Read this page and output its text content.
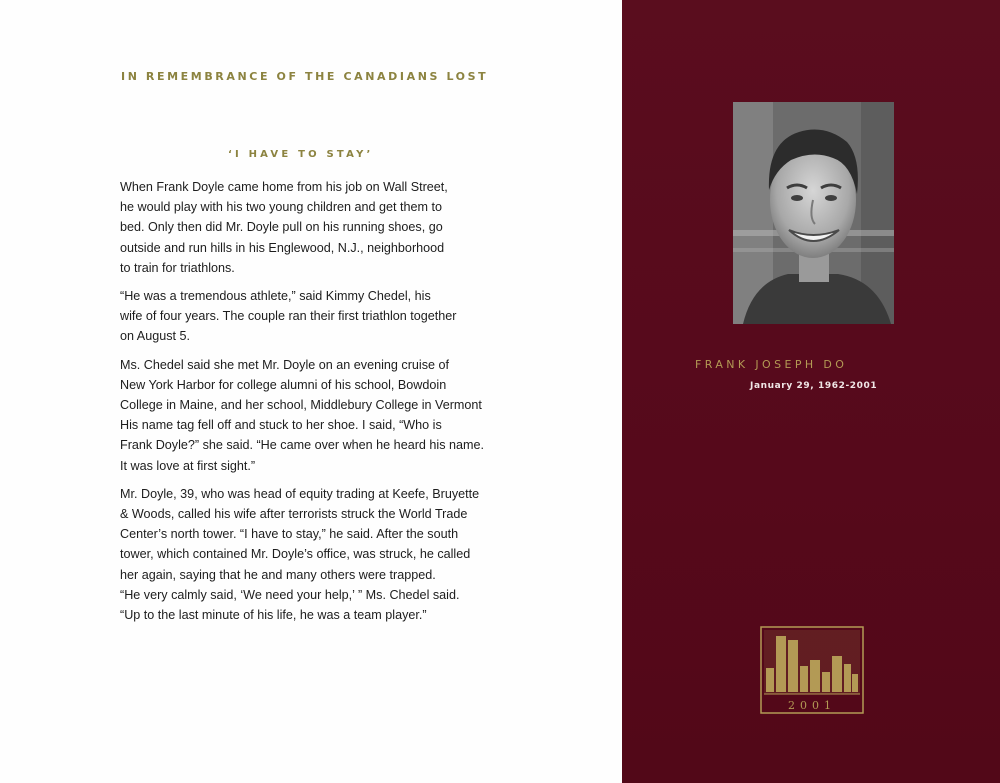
IN REMEMBRANCE OF THE CANADIANS LOST
‘I HAVE TO STAY’

When Frank Doyle came home from his job on Wall Street,
he would play with his two young children and get them to
bed. Only then did Mr. Doyle pull on his running shoes, go
outside and run hills in his Englewood, N.J., neighborhood
to train for triathlons.

“He was a tremendous athlete,” said Kimmy Chedel, his
wife of four years. The couple ran their first triathlon together
on August 5.

Ms. Chedel said she met Mr. Doyle on an evening cruise of
New York Harbor for college alumni of his school, Bowdoin
College in Maine, and her school, Middlebury College in Vermont
His name tag fell off and stuck to her shoe. I said, “Who is
Frank Doyle?” she said. “He came over when he heard his name.
It was love at first sight.”

Mr. Doyle, 39, who was head of equity trading at Keefe, Bruyette
& Woods, called his wife after terrorists struck the World Trade
Center’s north tower. “I have to stay,” he said. After the south
tower, which contained Mr. Doyle’s office, was struck, he called
her again, saying that he and many others were trapped.
“He very calmly said, ‘We need your help,’ ” Ms. Chedel said.
“Up to the last minute of his life, he was a team player.”

FRANK JOSEPH DO
January 29, 1962-2001
2001
